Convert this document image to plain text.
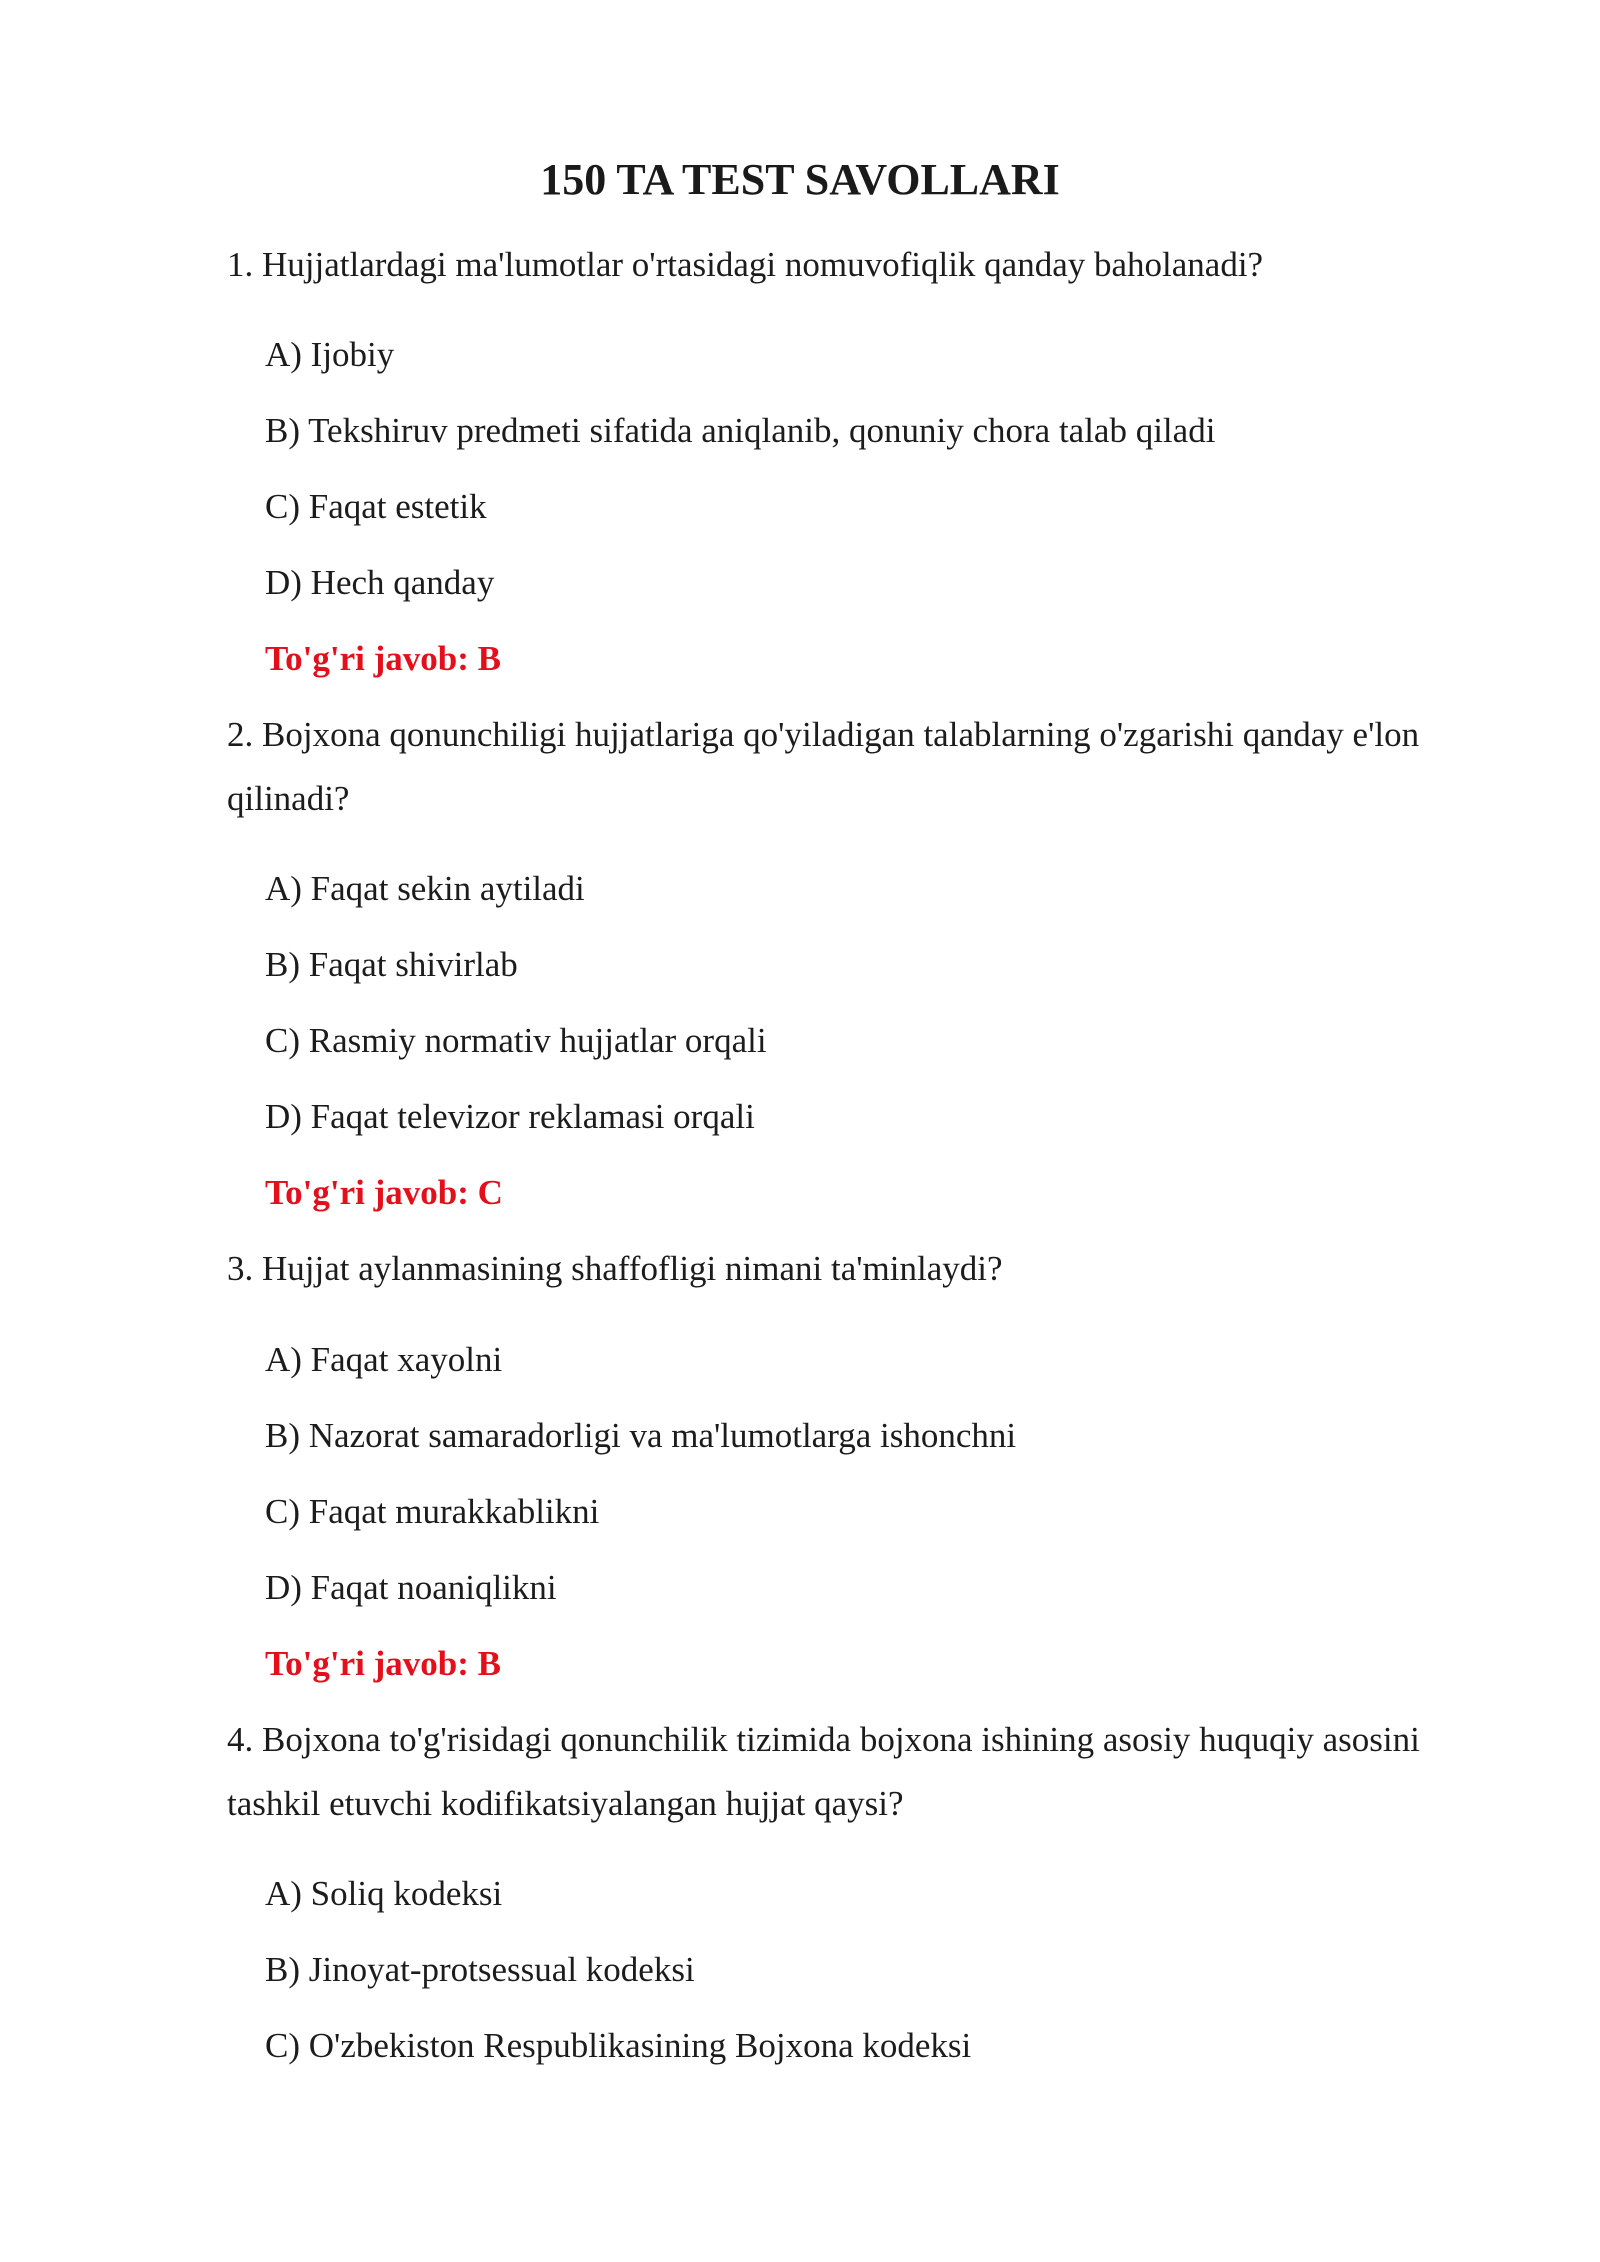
150 TA TEST SAVOLLARI
1. Hujjatlardagi ma'lumotlar o'rtasidagi nomuvofiqlik qanday baholanadi?
A) Ijobiy
B) Tekshiruv predmeti sifatida aniqlanib, qonuniy chora talab qiladi
C) Faqat estetik
D) Hech qanday
To'g'ri javob: B
2. Bojxona qonunchiligi hujjatlariga qo'yiladigan talablarning o'zgarishi qanday e'lon qilinadi?
A) Faqat sekin aytiladi
B) Faqat shivirlab
C) Rasmiy normativ hujjatlar orqali
D) Faqat televizor reklamasi orqali
To'g'ri javob: C
3. Hujjat aylanmasining shaffofligi nimani ta'minlaydi?
A) Faqat xayolni
B) Nazorat samaradorligi va ma'lumotlarga ishonchni
C) Faqat murakkablikni
D) Faqat noaniqlikni
To'g'ri javob: B
4. Bojxona to'g'risidagi qonunchilik tizimida bojxona ishining asosiy huquqiy asosini tashkil etuvchi kodifikatsiyalangan hujjat qaysi?
A) Soliq kodeksi
B) Jinoyat-protsessual kodeksi
C) O'zbekiston Respublikasining Bojxona kodeksi
